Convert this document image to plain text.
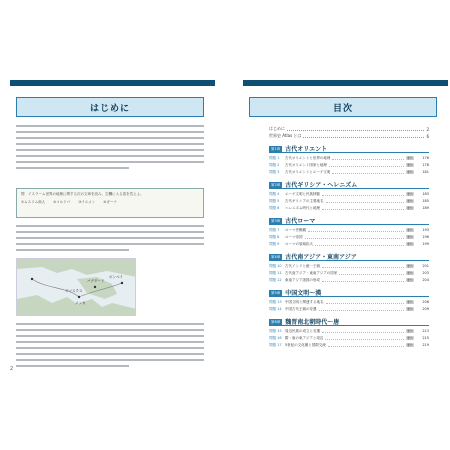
はじめに
問　イスラーム世界の地理に関する次の文章を読み、空欄に入る語を答えよ。
①ムスリム商人 ②コルドバ ③イエメン ④ガーナ
ボンベイ
バグダード
ダマスクス
メッカ
2
目次
はじめに	2
世界史 Atlas とは	6
第1章 古代オリエント
問題 1	古代オリエントと世界の地理	要約	176
問題 2	古代オリエント国家と地理	要約	178
問題 3	古代オリエントとエーゲ文明	要約	181
第2章 古代ギリシア・ヘレニズム
問題 4	エーゲ文明と民族移動	要約	183
問題 5	古代ギリシアの主要地名	要約	185
問題 6	ヘレニズム時代と地理	要約	189
第3章 古代ローマ
問題 7	ローマ史概観	要約	193
問題 8	ローマ帝国	要約	196
問題 9	ローマの領域拡大	要約	199
第4章 古代南アジア・東南アジア
問題 10 古代インドと統一王朝	要約	201
問題 11 古代南アジア・東南アジアの国家	要約	203
問題 12 東南アジア諸国の形成	要約	204
第5章 中国文明〜漢
問題 13 中国文明と関連する地名	要約	206
問題 14 中国古代王朝の変遷	要約	209
第6章 魏晋南北朝時代〜唐
問題 15 周辺民族の成立と変遷	要約	213
問題 16 隋・唐の東アジアと周辺	要約	215
問題 17 5世紀の文化圏と国際交流	要約	219
